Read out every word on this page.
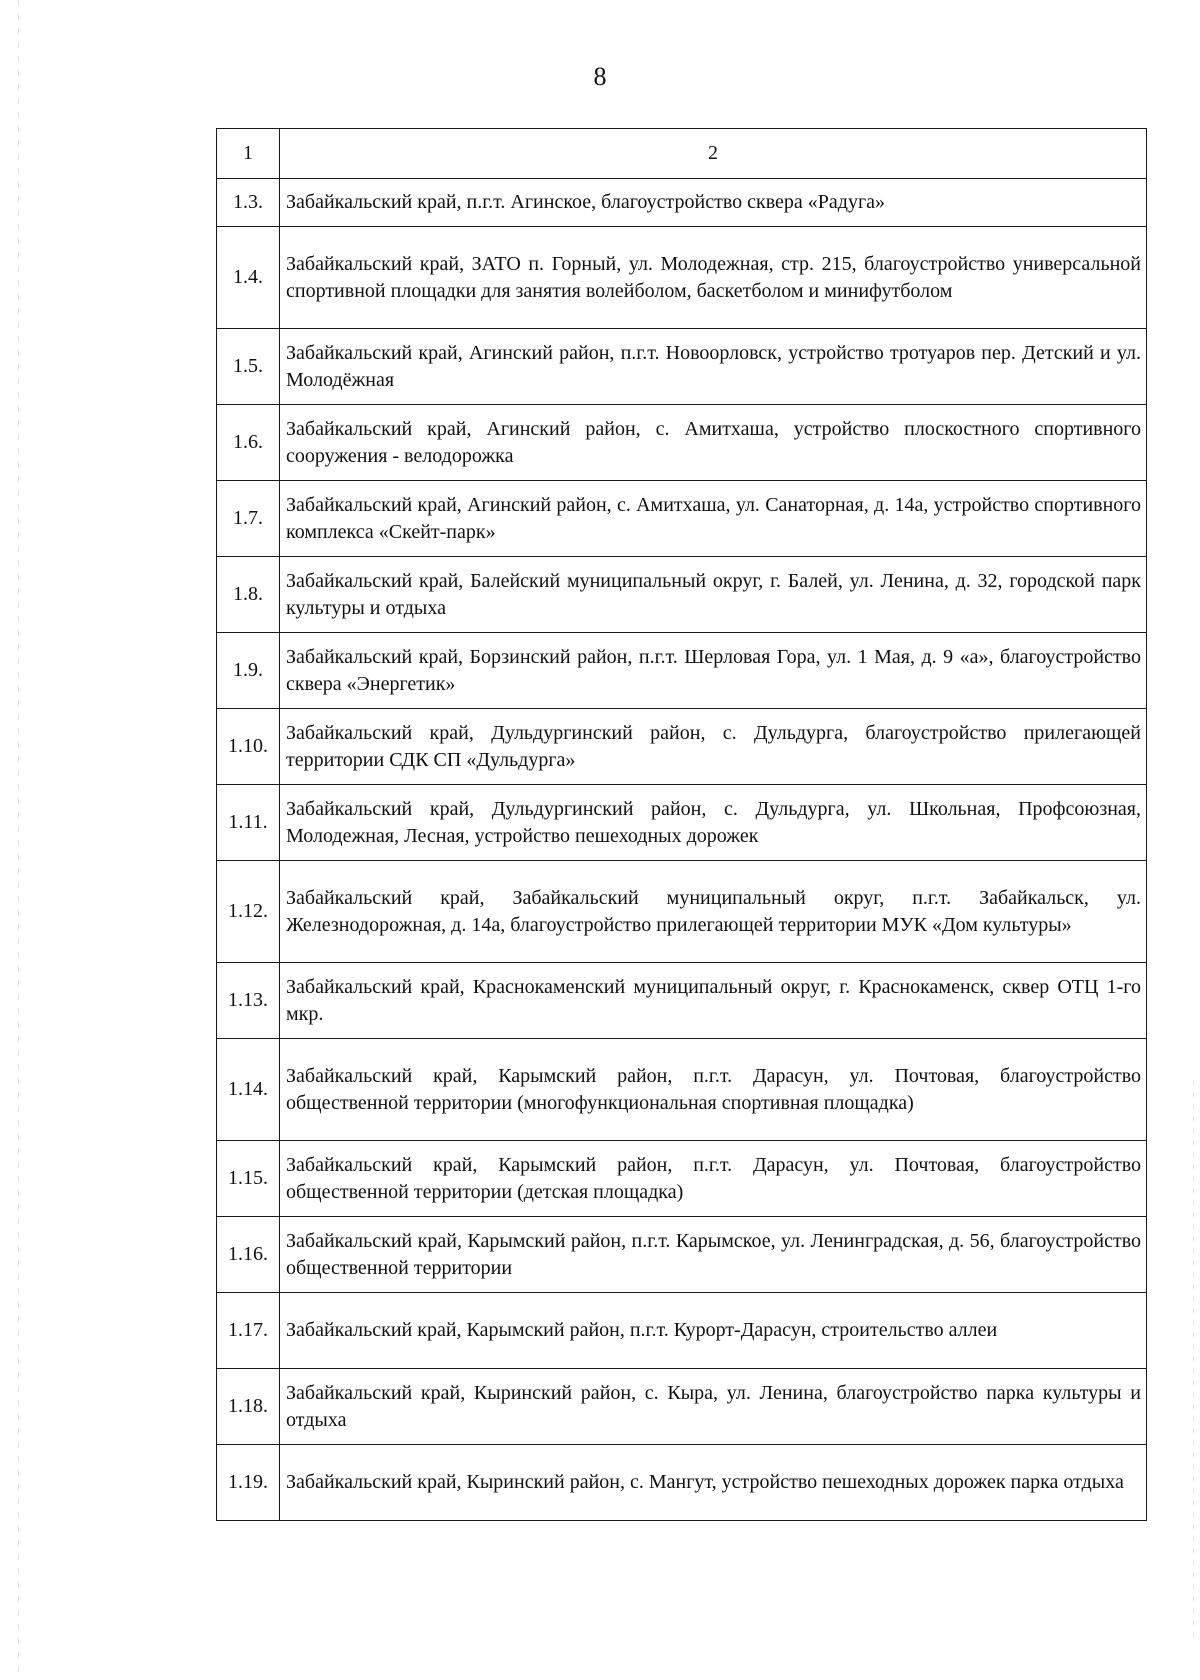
8
1	2
1.3.	Забайкальский край, п.г.т. Агинское, благоустройство сквера «Радуга»
1.4.	Забайкальский край, ЗАТО п. Горный, ул. Молодежная, стр. 215, благоустройство универсальной спортивной площадки для занятия волейболом, баскетболом и минифутболом
1.5.	Забайкальский край, Агинский район, п.г.т. Новоорловск, устройство тротуаров пер. Детский и ул. Молодёжная
1.6.	Забайкальский край, Агинский район, с. Амитхаша, устройство плоскостного спортивного сооружения - велодорожка
1.7.	Забайкальский край, Агинский район, с. Амитхаша, ул. Санаторная, д. 14а, устройство спортивного комплекса «Скейт-парк»
1.8.	Забайкальский край, Балейский муниципальный округ, г. Балей, ул. Ленина, д. 32, городской парк культуры и отдыха
1.9.	Забайкальский край, Борзинский район, п.г.т. Шерловая Гора, ул. 1 Мая, д. 9 «а», благоустройство сквера «Энергетик»
1.10.	Забайкальский край, Дульдургинский район, с. Дульдурга, благоустройство прилегающей территории СДК СП «Дульдурга»
1.11.	Забайкальский край, Дульдургинский район, с. Дульдурга, ул. Школьная, Профсоюзная, Молодежная, Лесная, устройство пешеходных дорожек
1.12.	Забайкальский край, Забайкальский муниципальный округ, п.г.т. Забайкальск, ул. Железнодорожная, д. 14а, благоустройство прилегающей территории МУК «Дом культуры»
1.13.	Забайкальский край, Краснокаменский муниципальный округ, г. Краснокаменск, сквер ОТЦ 1-го мкр.
1.14.	Забайкальский край, Карымский район, п.г.т. Дарасун, ул. Почтовая, благоустройство общественной территории (многофункциональная спортивная площадка)
1.15.	Забайкальский край, Карымский район, п.г.т. Дарасун, ул. Почтовая, благоустройство общественной территории (детская площадка)
1.16.	Забайкальский край, Карымский район, п.г.т. Карымское, ул. Ленинградская, д. 56, благоустройство общественной территории
1.17.	Забайкальский край, Карымский район, п.г.т. Курорт-Дарасун, строительство аллеи
1.18.	Забайкальский край, Кыринский район, с. Кыра, ул. Ленина, благоустройство парка культуры и отдыха
1.19.	Забайкальский край, Кыринский район, с. Мангут, устройство пешеходных дорожек парка отдыха
